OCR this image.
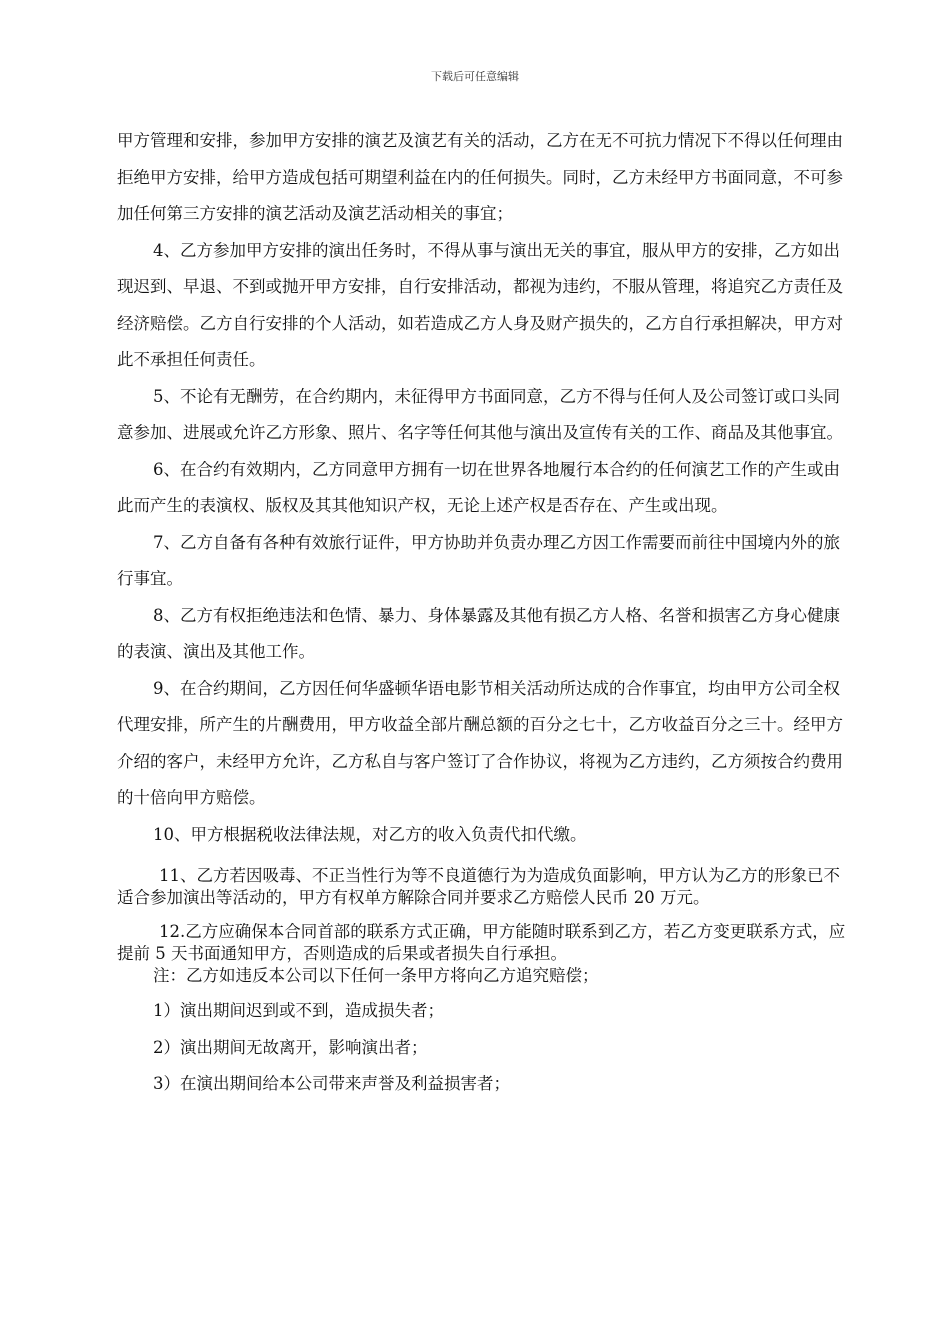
下载后可任意编辑

甲方管理和安排，参加甲方安排的演艺及演艺有关的活动，乙方在无不可抗力情况下不得以任何理由拒绝甲方安排，给甲方造成包括可期望利益在内的任何损失。同时，乙方未经甲方书面同意，不可参加任何第三方安排的演艺活动及演艺活动相关的事宜；

4、乙方参加甲方安排的演出任务时，不得从事与演出无关的事宜，服从甲方的安排，乙方如出现迟到、早退、不到或抛开甲方安排，自行安排活动，都视为违约，不服从管理，将追究乙方责任及经济赔偿。乙方自行安排的个人活动，如若造成乙方人身及财产损失的，乙方自行承担解决，甲方对此不承担任何责任。

5、不论有无酬劳，在合约期内，未征得甲方书面同意，乙方不得与任何人及公司签订或口头同意参加、进展或允许乙方形象、照片、名字等任何其他与演出及宣传有关的工作、商品及其他事宜。

6、在合约有效期内，乙方同意甲方拥有一切在世界各地履行本合约的任何演艺工作的产生或由此而产生的表演权、版权及其其他知识产权，无论上述产权是否存在、产生或出现。

7、乙方自备有各种有效旅行证件，甲方协助并负责办理乙方因工作需要而前往中国境内外的旅行事宜。

8、乙方有权拒绝违法和色情、暴力、身体暴露及其他有损乙方人格、名誉和损害乙方身心健康的表演、演出及其他工作。

9、在合约期间，乙方因任何华盛顿华语电影节相关活动所达成的合作事宜，均由甲方公司全权代理安排，所产生的片酬费用，甲方收益全部片酬总额的百分之七十，乙方收益百分之三十。经甲方介绍的客户，未经甲方允许，乙方私自与客户签订了合作协议，将视为乙方违约，乙方须按合约费用的十倍向甲方赔偿。

10、甲方根据税收法律法规，对乙方的收入负责代扣代缴。

11、乙方若因吸毒、不正当性行为等不良道德行为为造成负面影响，甲方认为乙方的形象已不适合参加演出等活动的，甲方有权单方解除合同并要求乙方赔偿人民币 20 万元。

12.乙方应确保本合同首部的联系方式正确，甲方能随时联系到乙方，若乙方变更联系方式，应提前 5 天书面通知甲方，否则造成的后果或者损失自行承担。

注：乙方如违反本公司以下任何一条甲方将向乙方追究赔偿；

1）演出期间迟到或不到，造成损失者；

2）演出期间无故离开，影响演出者；

3）在演出期间给本公司带来声誉及利益损害者；
